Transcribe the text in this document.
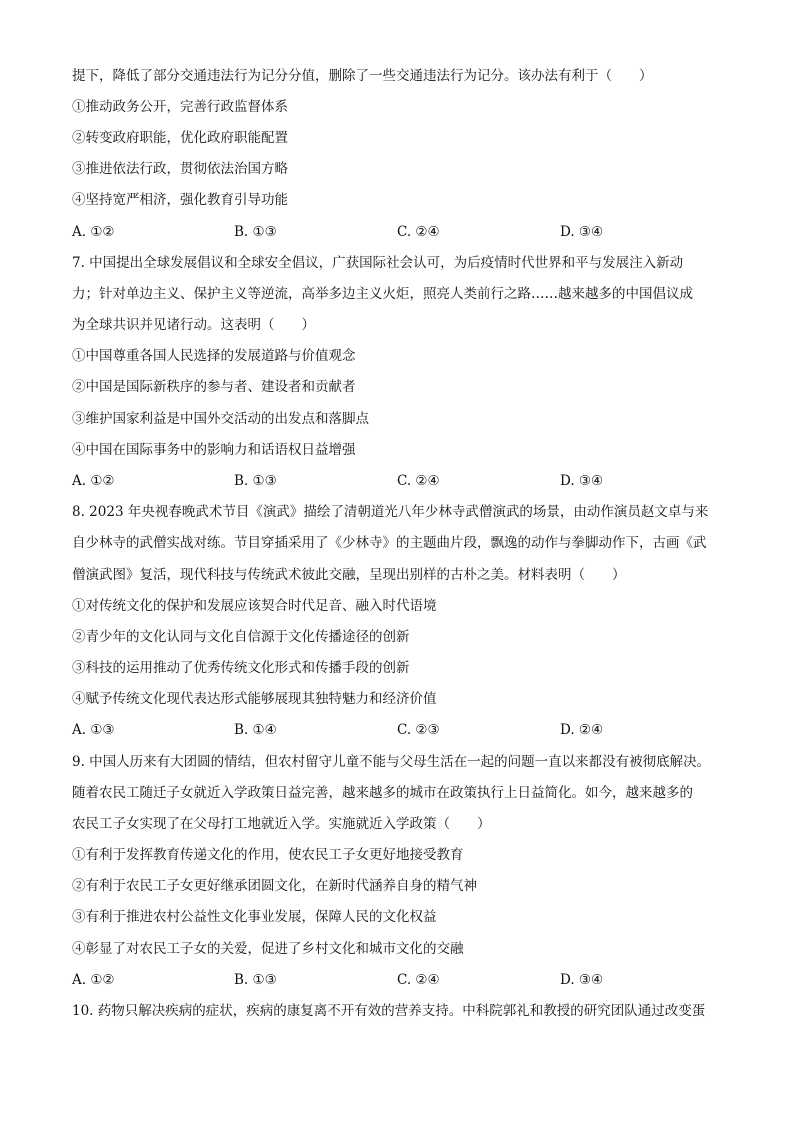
提下，降低了部分交通违法行为记分分值，删除了一些交通违法行为记分。该办法有利于（　　）
①推动政务公开，完善行政监督体系
②转变政府职能，优化政府职能配置
③推进依法行政，贯彻依法治国方略
④坚持宽严相济，强化教育引导功能
A. ①②	B. ①③	C. ②④	D. ③④
7. 中国提出全球发展倡议和全球安全倡议，广获国际社会认可，为后疫情时代世界和平与发展注入新动
力；针对单边主义、保护主义等逆流，高举多边主义火炬，照亮人类前行之路……越来越多的中国倡议成
为全球共识并见诸行动。这表明（　　）
①中国尊重各国人民选择的发展道路与价值观念
②中国是国际新秩序的参与者、建设者和贡献者
③维护国家利益是中国外交活动的出发点和落脚点
④中国在国际事务中的影响力和话语权日益增强
A. ①②	B. ①③	C. ②④	D. ③④
8. 2023 年央视春晚武术节目《演武》描绘了清朝道光八年少林寺武僧演武的场景，由动作演员赵文卓与来
自少林寺的武僧实战对练。节目穿插采用了《少林寺》的主题曲片段，飘逸的动作与拳脚动作下，古画《武
僧演武图》复活，现代科技与传统武术彼此交融，呈现出别样的古朴之美。材料表明（　　）
①对传统文化的保护和发展应该契合时代足音、融入时代语境
②青少年的文化认同与文化自信源于文化传播途径的创新
③科技的运用推动了优秀传统文化形式和传播手段的创新
④赋予传统文化现代表达形式能够展现其独特魅力和经济价值
A. ①③	B. ①④	C. ②③	D. ②④
9. 中国人历来有大团圆的情结，但农村留守儿童不能与父母生活在一起的问题一直以来都没有被彻底解决。
随着农民工随迁子女就近入学政策日益完善，越来越多的城市在政策执行上日益简化。如今，越来越多的
农民工子女实现了在父母打工地就近入学。实施就近入学政策（　　）
①有利于发挥教育传递文化的作用，使农民工子女更好地接受教育
②有利于农民工子女更好继承团圆文化，在新时代涵养自身的精气神
③有利于推进农村公益性文化事业发展，保障人民的文化权益
④彰显了对农民工子女的关爱，促进了乡村文化和城市文化的交融
A. ①②	B. ①③	C. ②④	D. ③④
10. 药物只解决疾病的症状，疾病的康复离不开有效的营养支持。中科院郭礼和教授的研究团队通过改变蛋
